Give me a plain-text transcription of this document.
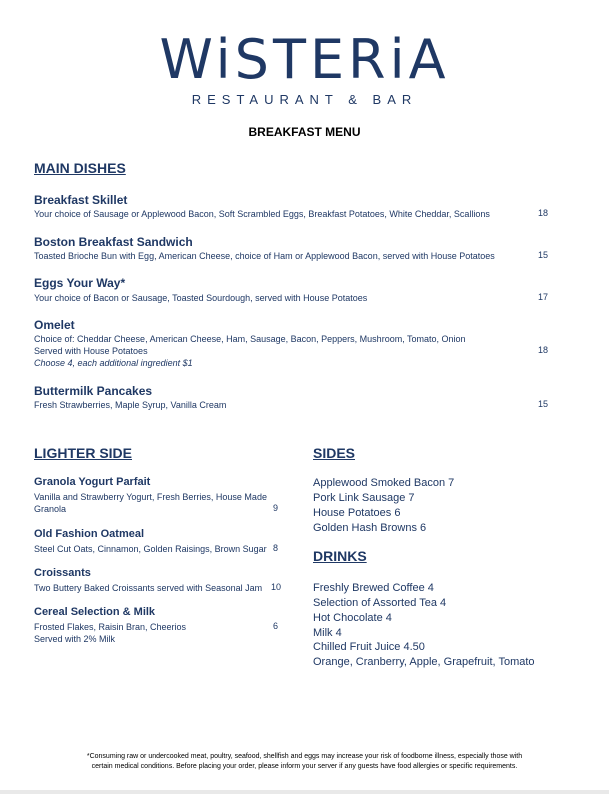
WiSTERiA
RESTAURANT & BAR
BREAKFAST MENU
MAIN DISHES
Breakfast Skillet
Your choice of Sausage or Applewood Bacon, Soft Scrambled Eggs, Breakfast Potatoes, White Cheddar, Scallions	18
Boston Breakfast Sandwich
Toasted Brioche Bun with Egg, American Cheese, choice of Ham or Applewood Bacon, served with House Potatoes	15
Eggs Your Way*
Your choice of Bacon or Sausage, Toasted Sourdough, served with House Potatoes	17
Omelet
Choice of: Cheddar Cheese, American Cheese, Ham, Sausage, Bacon, Peppers, Mushroom, Tomato, Onion
Served with House Potatoes
Choose 4, each additional ingredient $1
18
Buttermilk Pancakes
Fresh Strawberries, Maple Syrup, Vanilla Cream	15
LIGHTER SIDE
Granola Yogurt Parfait
Vanilla and Strawberry Yogurt, Fresh Berries, House Made
Granola	9
Old Fashion Oatmeal
Steel Cut Oats, Cinnamon, Golden Raisings, Brown Sugar 8
Croissants
Two Buttery Baked Croissants served with Seasonal Jam 10
Cereal Selection & Milk
Frosted Flakes, Raisin Bran, Cheerios
Served with 2% Milk
6
SIDES
Applewood Smoked Bacon 7
Pork Link Sausage 7
House Potatoes 6
Golden Hash Browns 6
DRINKS
Freshly Brewed Coffee 4
Selection of Assorted Tea 4
Hot Chocolate 4
Milk 4
Chilled Fruit Juice 4.50
Orange, Cranberry, Apple, Grapefruit, Tomato
*Consuming raw or undercooked meat, poultry, seafood, shellfish and eggs may increase your risk of foodborne illness, especially those with
certain medical conditions. Before placing your order, please inform your server if any guests have food allergies or specific requirements.
